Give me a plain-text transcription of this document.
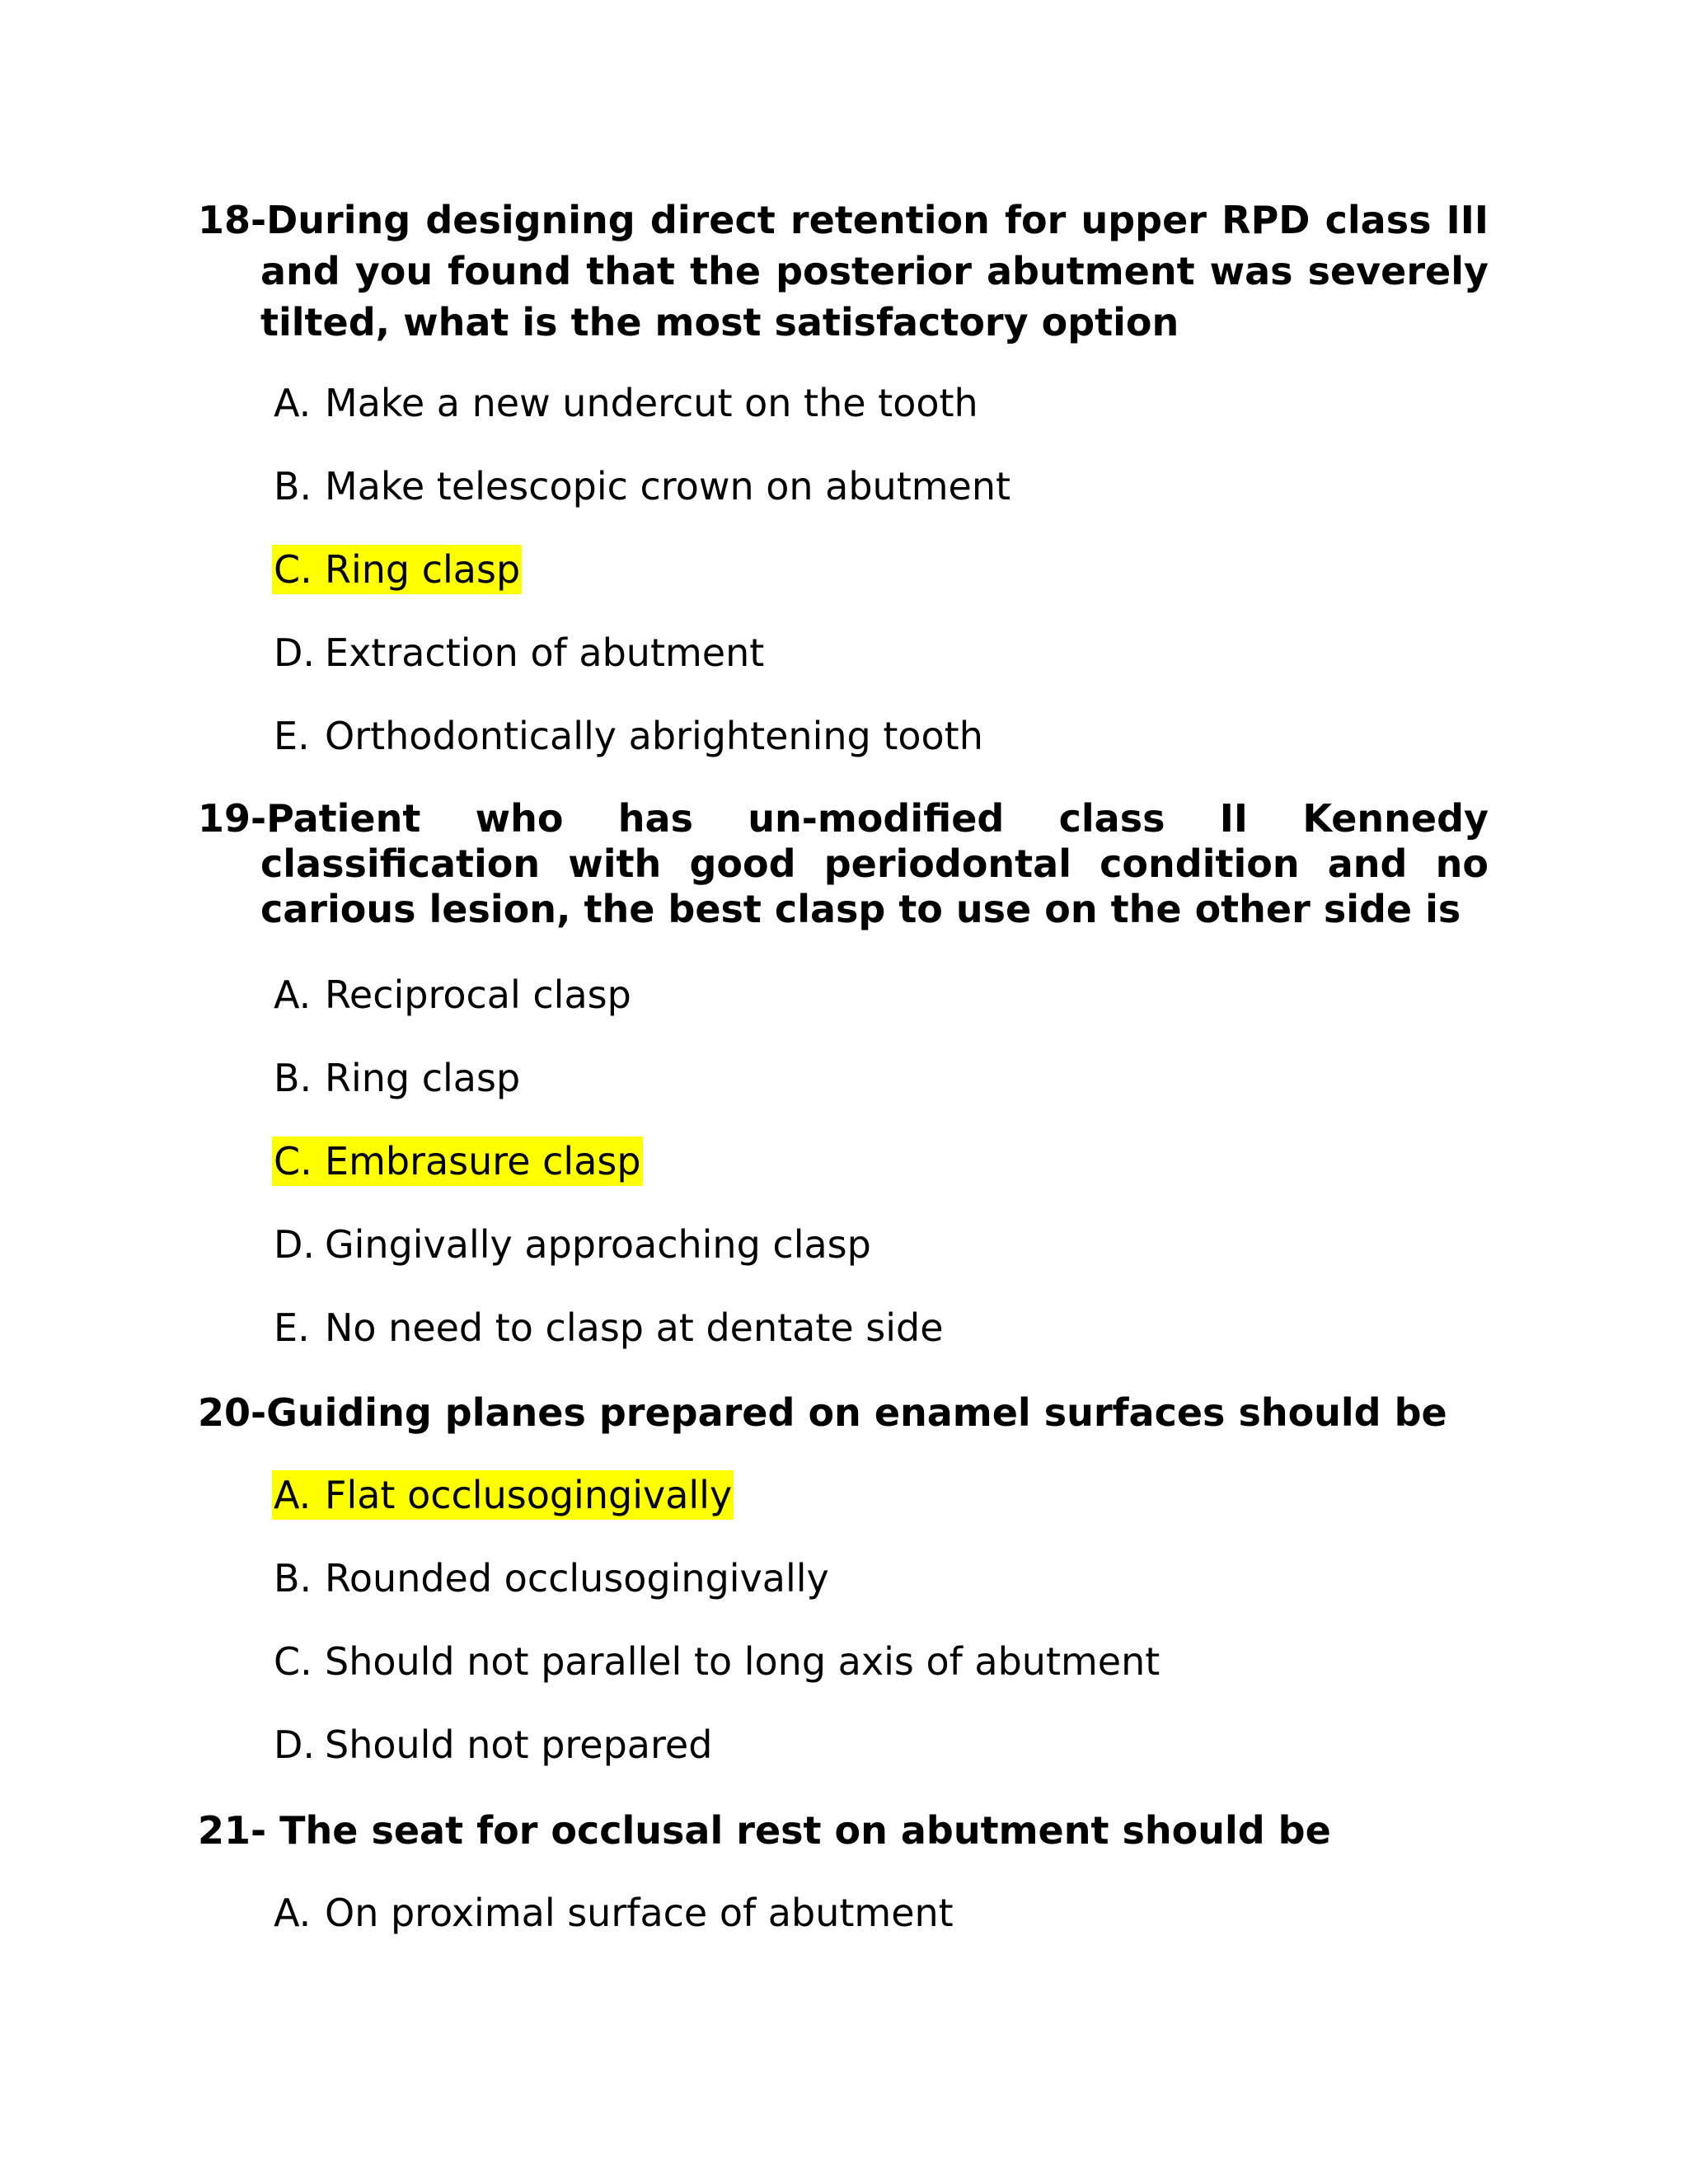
18-During designing direct retention for upper RPD class III and you found that the posterior abutment was severely tilted, what is the most satisfactory option

A. Make a new undercut on the tooth
B. Make telescopic crown on abutment
C. Ring clasp
D. Extraction of abutment
E. Orthodontically abrightening tooth

19-Patient who has un-modified class II Kennedy classification with good periodontal condition and no carious lesion, the best clasp to use on the other side is

A. Reciprocal clasp
B. Ring clasp
C. Embrasure clasp
D. Gingivally approaching clasp
E. No need to clasp at dentate side

20-Guiding planes prepared on enamel surfaces should be

A. Flat occlusogingivally
B. Rounded occlusogingivally
C. Should not parallel to long axis of abutment
D. Should not prepared

21- The seat for occlusal rest on abutment should be

A. On proximal surface of abutment
